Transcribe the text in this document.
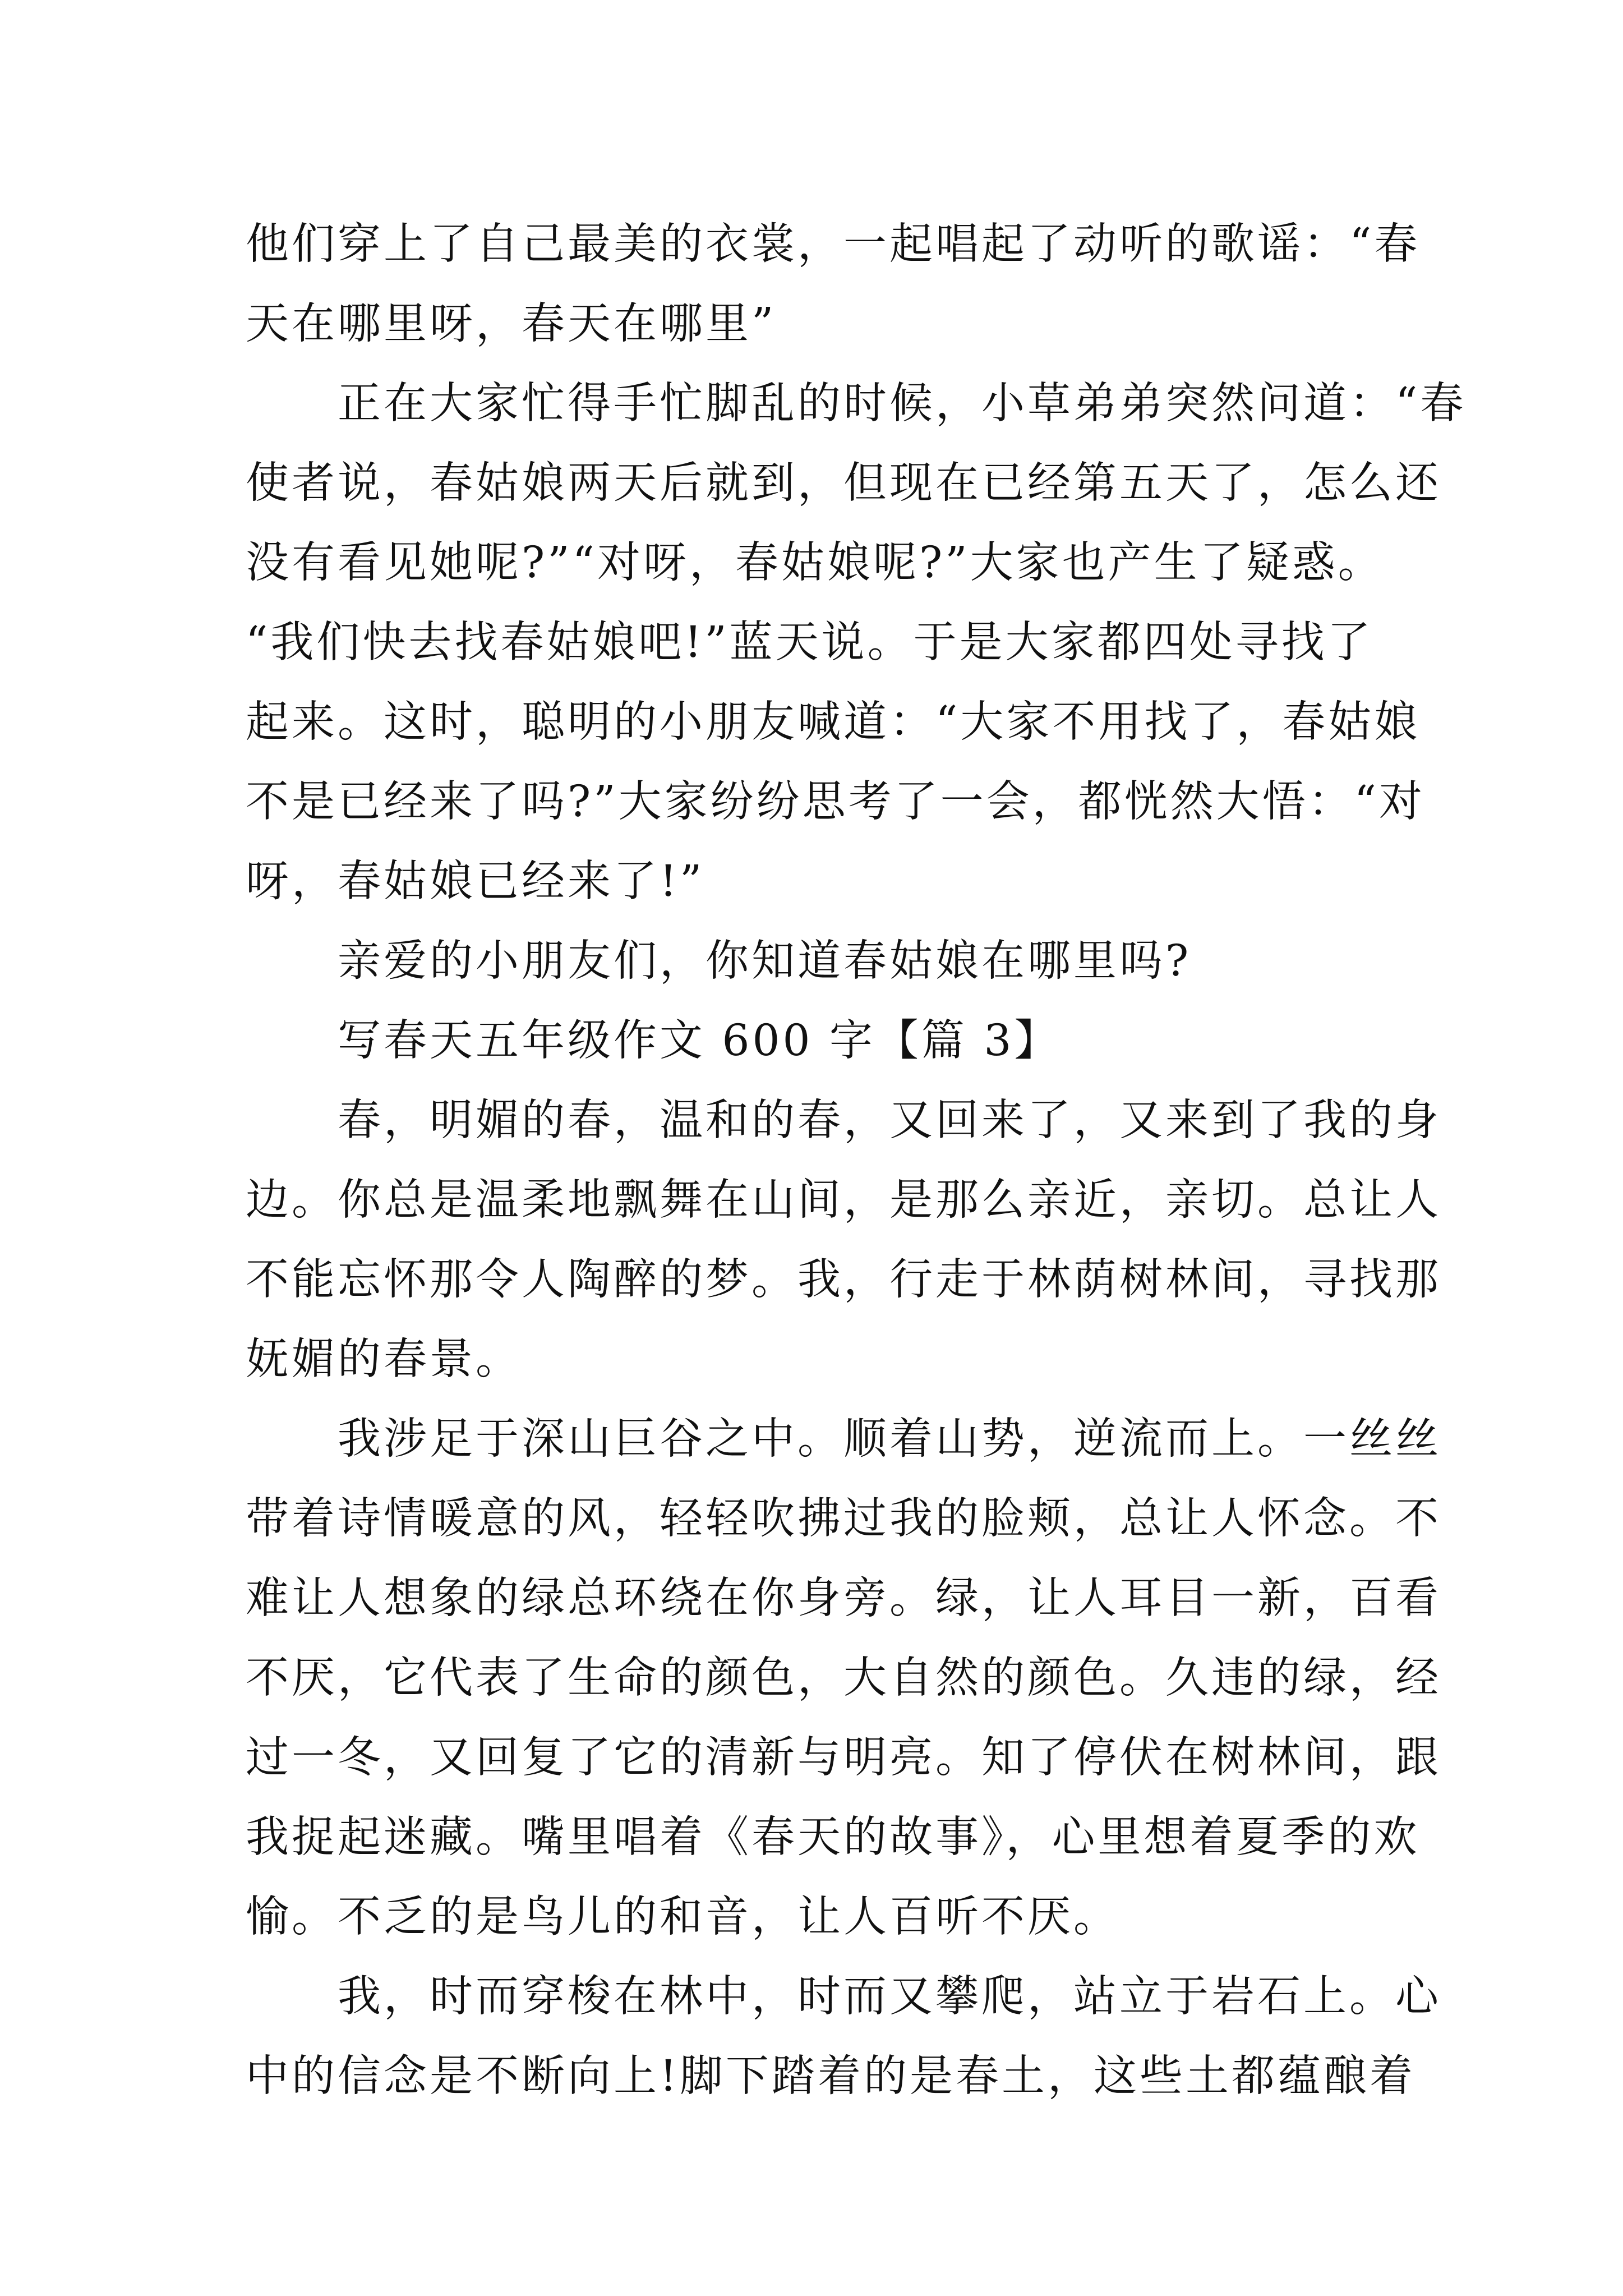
他们穿上了自己最美的衣裳，一起唱起了动听的歌谣：“春
天在哪里呀，春天在哪里”
　　正在大家忙得手忙脚乱的时候，小草弟弟突然问道：“春
使者说，春姑娘两天后就到，但现在已经第五天了，怎么还
没有看见她呢?”“对呀，春姑娘呢?”大家也产生了疑惑。
“我们快去找春姑娘吧!”蓝天说。于是大家都四处寻找了
起来。这时，聪明的小朋友喊道：“大家不用找了，春姑娘
不是已经来了吗?”大家纷纷思考了一会，都恍然大悟：“对
呀，春姑娘已经来了!”
　　亲爱的小朋友们，你知道春姑娘在哪里吗?
　　写春天五年级作文 600 字【篇 3】
　　春，明媚的春，温和的春，又回来了，又来到了我的身
边。你总是温柔地飘舞在山间，是那么亲近，亲切。总让人
不能忘怀那令人陶醉的梦。我，行走于林荫树林间，寻找那
妩媚的春景。
　　我涉足于深山巨谷之中。顺着山势，逆流而上。一丝丝
带着诗情暖意的风，轻轻吹拂过我的脸颊，总让人怀念。不
难让人想象的绿总环绕在你身旁。绿，让人耳目一新，百看
不厌，它代表了生命的颜色，大自然的颜色。久违的绿，经
过一冬，又回复了它的清新与明亮。知了停伏在树林间，跟
我捉起迷藏。嘴里唱着《春天的故事》，心里想着夏季的欢
愉。不乏的是鸟儿的和音，让人百听不厌。
　　我，时而穿梭在林中，时而又攀爬，站立于岩石上。心
中的信念是不断向上!脚下踏着的是春土，这些土都蕴酿着
